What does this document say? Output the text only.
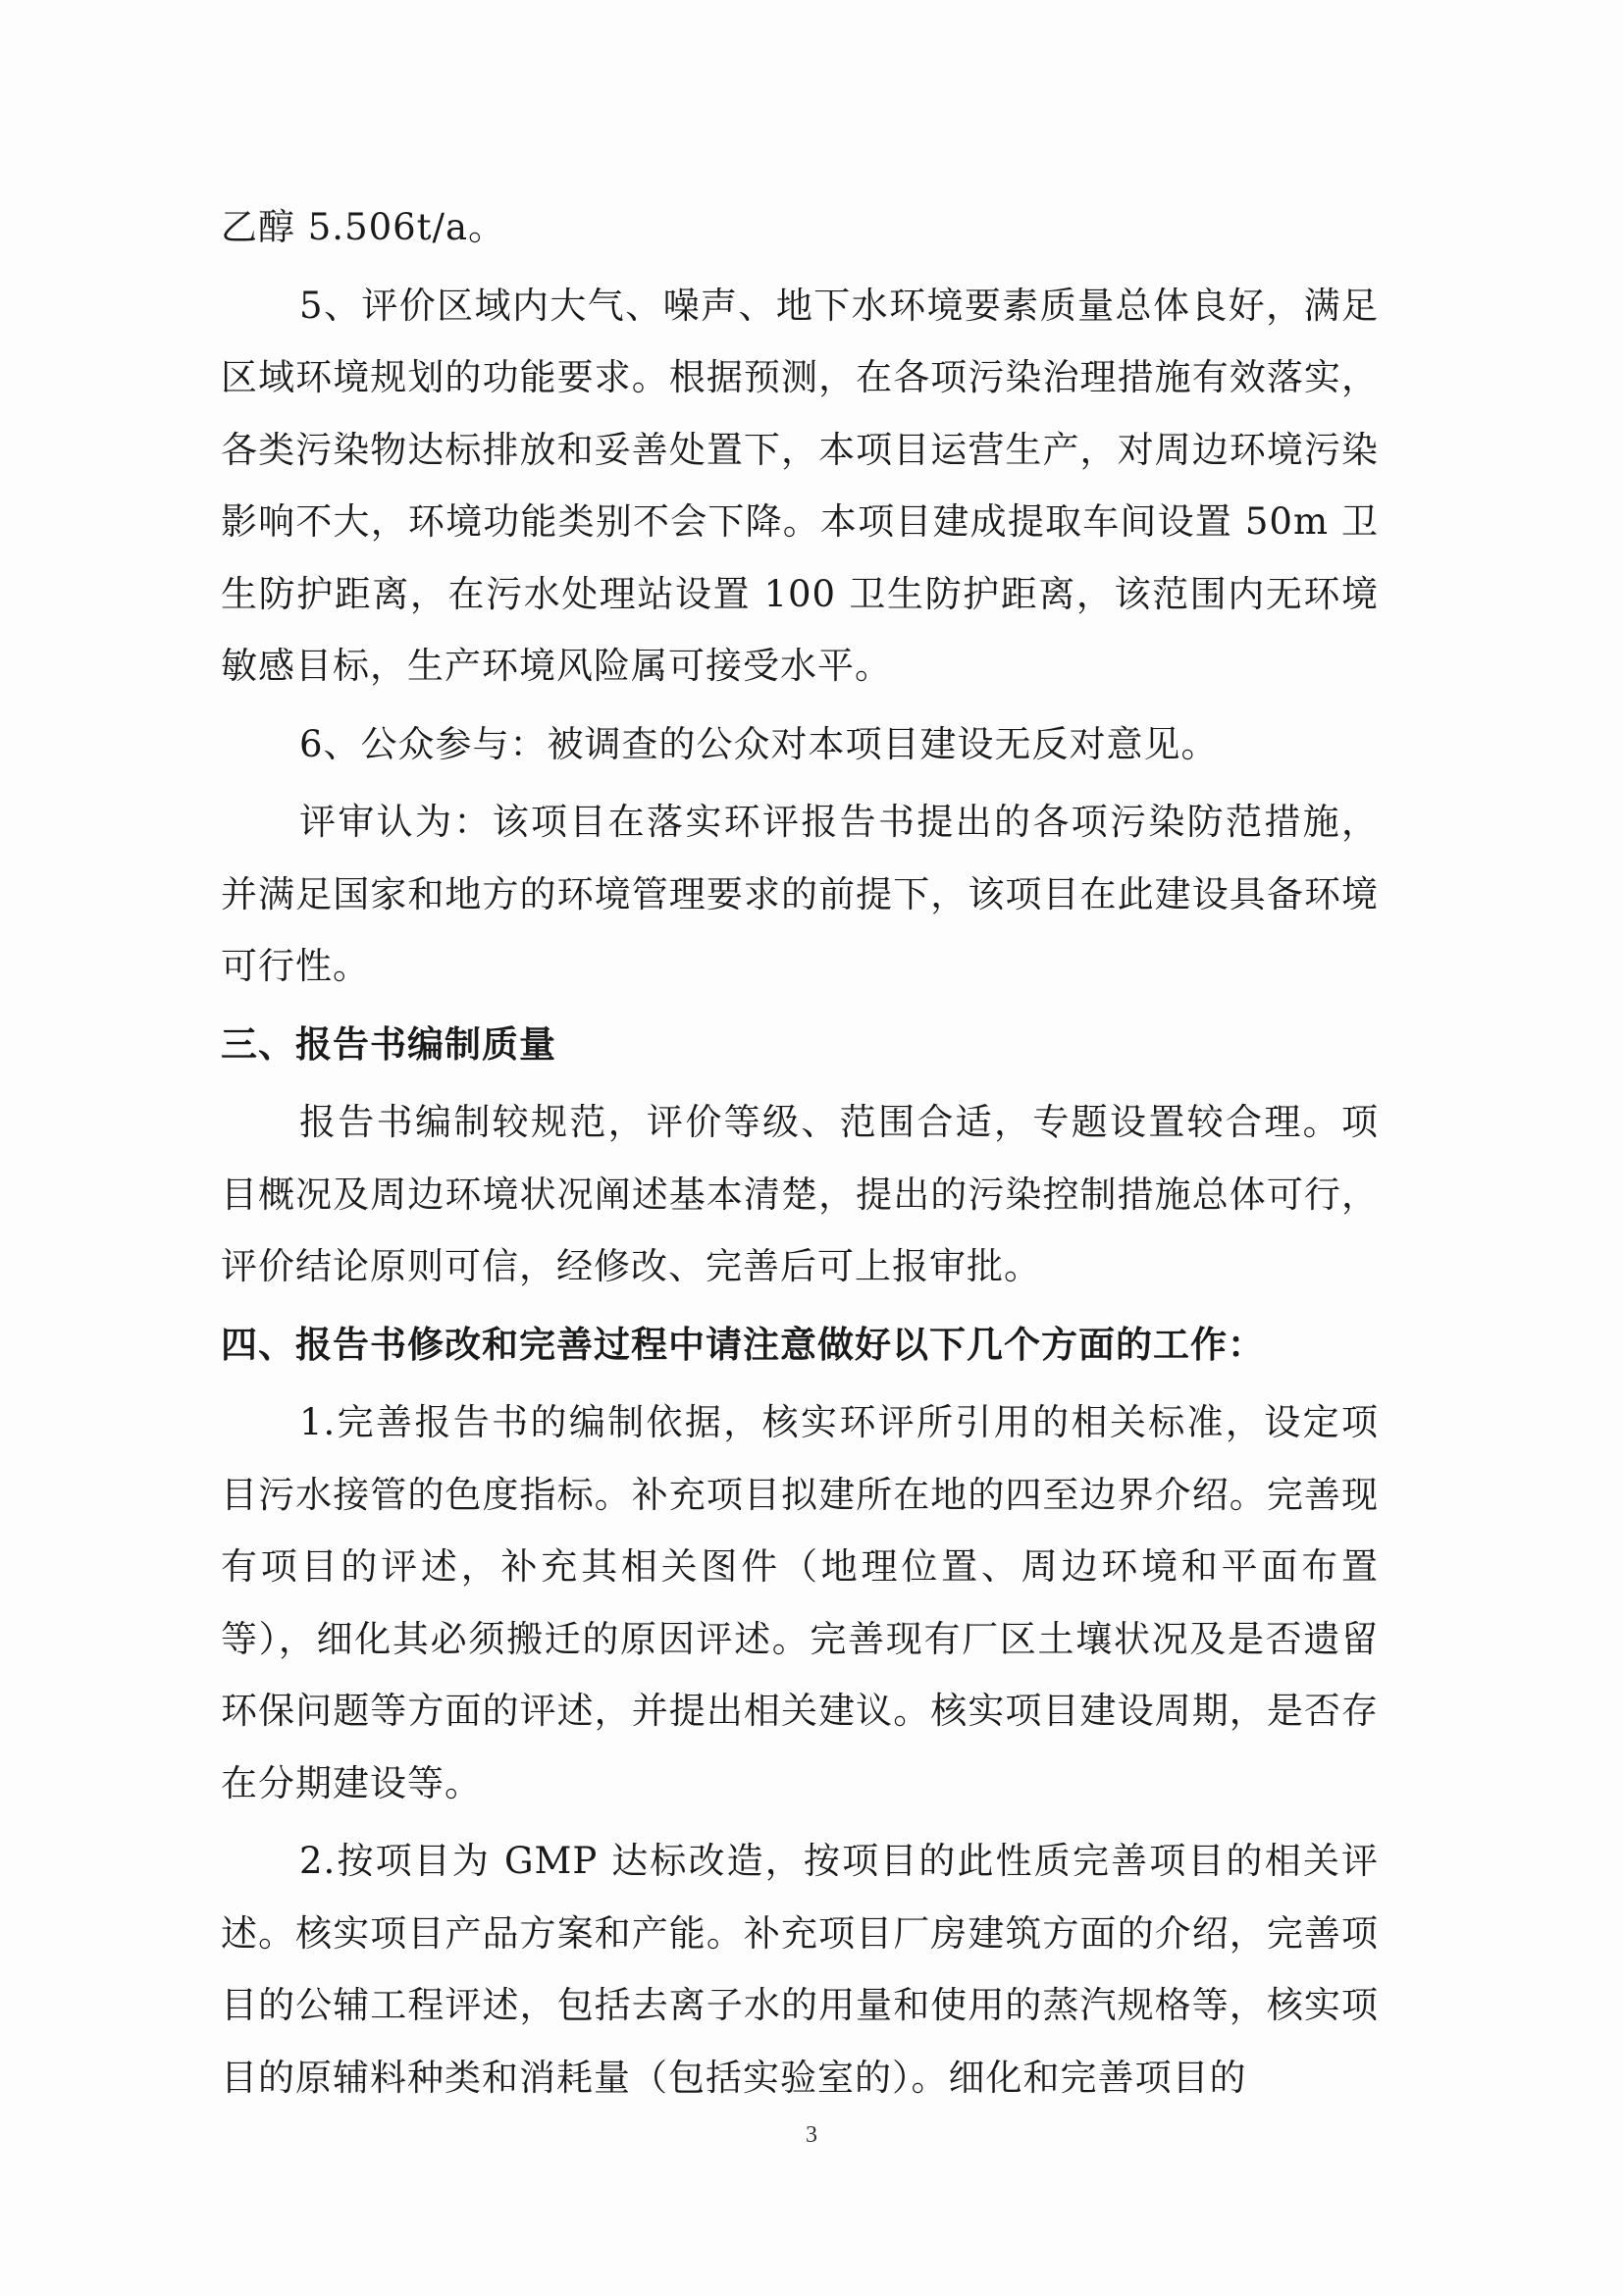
乙醇 5.506t/a。

5、评价区域内大气、噪声、地下水环境要素质量总体良好，满足区域环境规划的功能要求。根据预测，在各项污染治理措施有效落实，各类污染物达标排放和妥善处置下，本项目运营生产，对周边环境污染影响不大，环境功能类别不会下降。本项目建成提取车间设置 50m 卫生防护距离，在污水处理站设置 100 卫生防护距离，该范围内无环境敏感目标，生产环境风险属可接受水平。

6、公众参与：被调查的公众对本项目建设无反对意见。

评审认为：该项目在落实环评报告书提出的各项污染防范措施，并满足国家和地方的环境管理要求的前提下，该项目在此建设具备环境可行性。

三、报告书编制质量

报告书编制较规范，评价等级、范围合适，专题设置较合理。项目概况及周边环境状况阐述基本清楚，提出的污染控制措施总体可行，评价结论原则可信，经修改、完善后可上报审批。

四、报告书修改和完善过程中请注意做好以下几个方面的工作：

1.完善报告书的编制依据，核实环评所引用的相关标准，设定项目污水接管的色度指标。补充项目拟建所在地的四至边界介绍。完善现有项目的评述，补充其相关图件（地理位置、周边环境和平面布置等），细化其必须搬迁的原因评述。完善现有厂区土壤状况及是否遗留环保问题等方面的评述，并提出相关建议。核实项目建设周期，是否存在分期建设等。

2.按项目为 GMP 达标改造，按项目的此性质完善项目的相关评述。核实项目产品方案和产能。补充项目厂房建筑方面的介绍，完善项目的公辅工程评述，包括去离子水的用量和使用的蒸汽规格等，核实项目的原辅料种类和消耗量（包括实验室的）。细化和完善项目的

3
